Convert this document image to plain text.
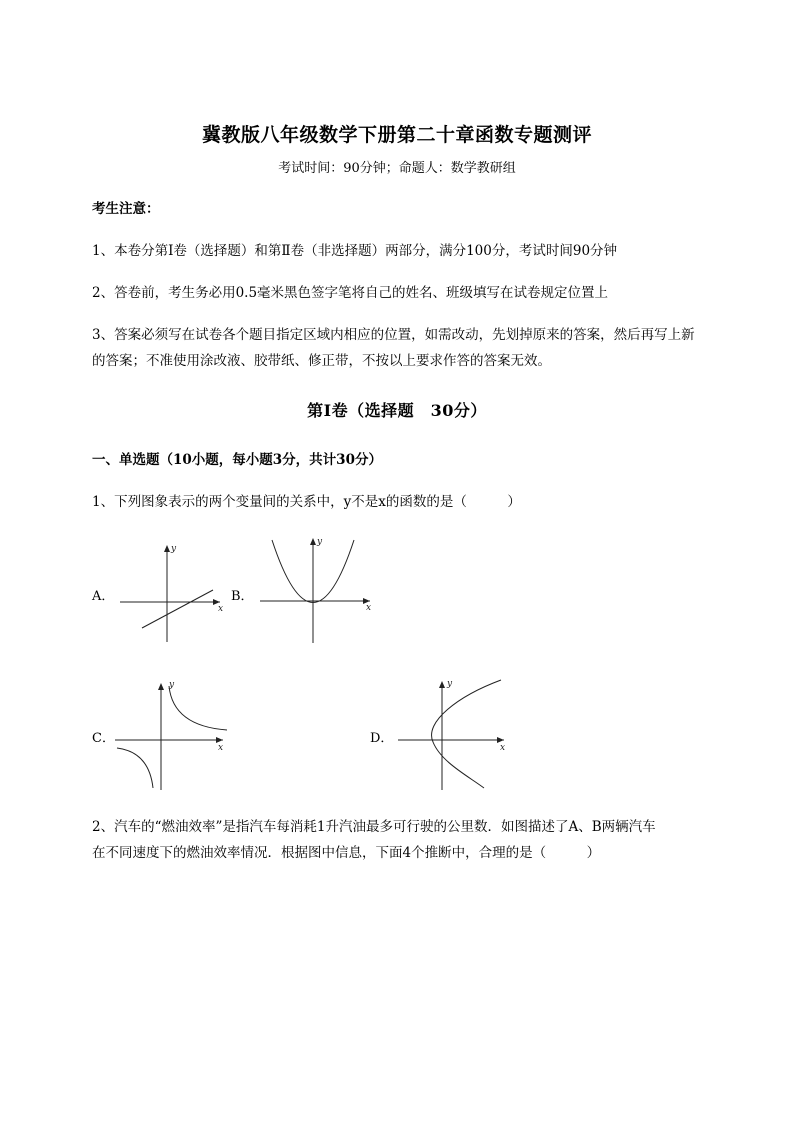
冀教版八年级数学下册第二十章函数专题测评
考试时间：90分钟；命题人：数学教研组
考生注意：
1、本卷分第I卷（选择题）和第Ⅱ卷（非选择题）两部分，满分100分，考试时间90分钟
2、答卷前，考生务必用0.5毫米黑色签字笔将自己的姓名、班级填写在试卷规定位置上
3、答案必须写在试卷各个题目指定区域内相应的位置，如需改动，先划掉原来的答案，然后再写上新
的答案；不准使用涂改液、胶带纸、修正带，不按以上要求作答的答案无效。
第I卷（选择题　30分）
一、单选题（10小题，每小题3分，共计30分）
1、下列图象表示的两个变量间的关系中，y不是x的函数的是（　　　）
A．
y
x
B．
y
x
C．
y
x
D．
y
x
2、汽车的“燃油效率”是指汽车每消耗1升汽油最多可行驶的公里数．如图描述了A、B两辆汽车
在不同速度下的燃油效率情况．根据图中信息，下面4个推断中，合理的是（　　　）
